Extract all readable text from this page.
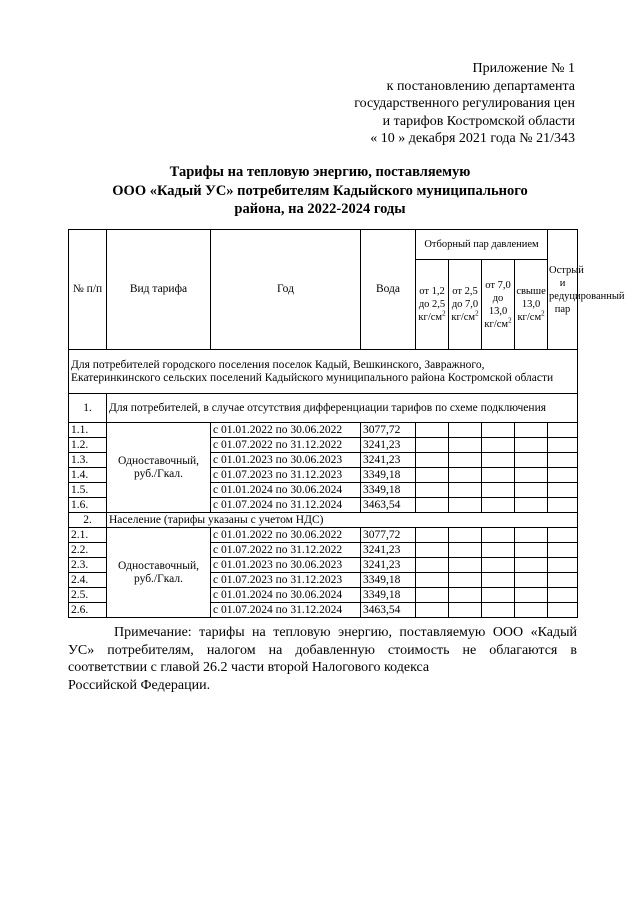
Приложение № 1
к постановлению департамента
государственного регулирования цен
и тарифов Костромской области
« 10 » декабря 2021 года № 21/343
Тарифы на тепловую энергию, поставляемую
ООО «Кадый УС» потребителям Кадыйского муниципального
района, на 2022-2024 годы
№ п/п	Вид тарифа	Год	Вода	Отборный пар давлением				Острый и редуцированный пар
				от 1,2 до 2,5 $кг/см^2$	от 2,5 до 7,0 $кг/см^2$	от 7,0 до 13,0 $кг/см^2$	свыше 13,0 $кг/см^2$
Для потребителей городского поселения поселок Кадый, Вешкинского, Завражного, Екатеринкинского сельских поселений Кадыйского муниципального района Костромской области								
1.	Для потребителей, в случае отсутствия дифференциации тарифов по схеме подключения							
1.1.	Одноставочный, руб./Гкал.	с 01.01.2022 по 30.06.2022	3077,72					
1.2.		с 01.07.2022 по 31.12.2022	3241,23					
1.3.		с 01.01.2023 по 30.06.2023	3241,23					
1.4.		с 01.07.2023 по 31.12.2023	3349,18					
1.5.		с 01.01.2024 по 30.06.2024	3349,18					
1.6.		с 01.07.2024 по 31.12.2024	3463,54					
2.	Население (тарифы указаны с учетом НДС)							
2.1.	Одноставочный, руб./Гкал.	с 01.01.2022 по 30.06.2022	3077,72					
2.2.		с 01.07.2022 по 31.12.2022	3241,23					
2.3.		с 01.01.2023 по 30.06.2023	3241,23					
2.4.		с 01.07.2023 по 31.12.2023	3349,18					
2.5.		с 01.01.2024 по 30.06.2024	3349,18					
2.6.		с 01.07.2024 по 31.12.2024	3463,54					
Примечание: тарифы на тепловую энергию, поставляемую ООО «Кадый УС» потребителям, налогом на добавленную стоимость не облагаются в соответствии с главой 26.2 части второй Налогового кодекса
Российской Федерации.
